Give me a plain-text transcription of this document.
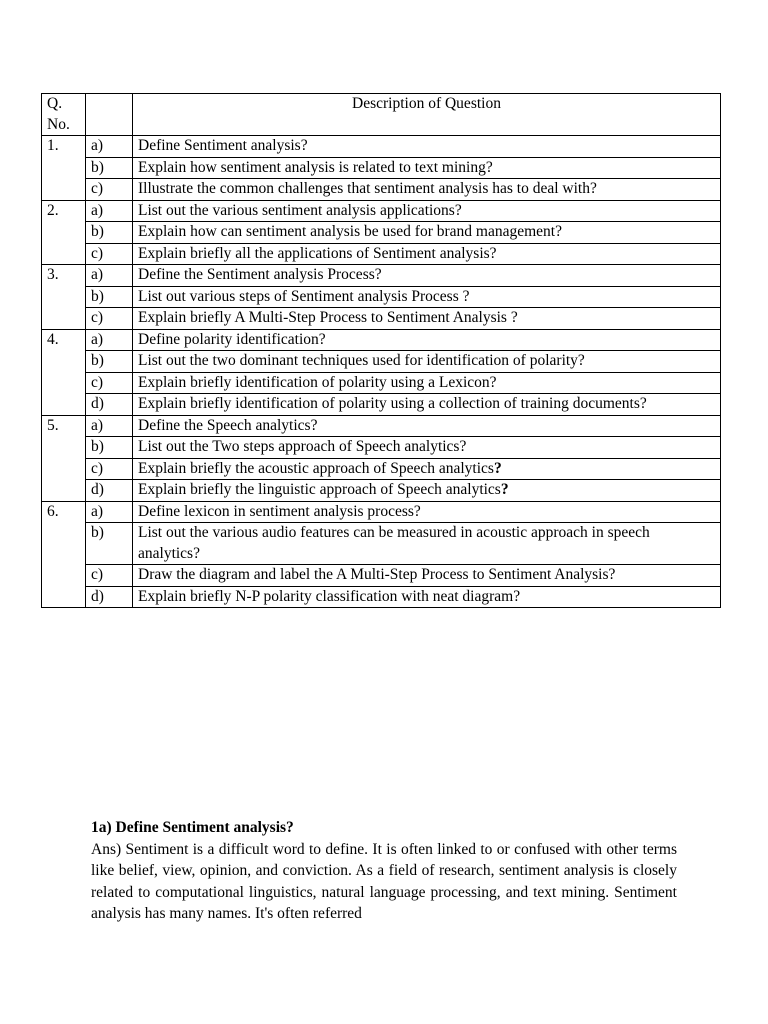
Q.
No.		Description of Question
1.	a)	Define Sentiment analysis?
	b)	Explain how sentiment analysis is related to text mining?
	c)	Illustrate the common challenges that sentiment analysis has to deal with?
2.	a)	List out the various sentiment analysis applications?
	b)	Explain how can sentiment analysis be used for brand management?
	c)	Explain briefly all the applications of Sentiment analysis?
3.	a)	Define the Sentiment analysis Process?
	b)	List out various steps of Sentiment analysis Process ?
	c)	Explain briefly A Multi-Step Process to Sentiment Analysis ?
4.	a)	Define polarity identification?
	b)	List out the two dominant techniques used for identification of polarity?
	c)	Explain briefly identification of polarity using a Lexicon?
	d)	Explain briefly identification of polarity using a collection of training documents?
5.	a)	Define the Speech analytics?
	b)	List out the Two steps approach of Speech analytics?
	c)	Explain briefly the acoustic approach of Speech analytics?
	d)	Explain briefly the linguistic approach of Speech analytics?
6.	a)	Define lexicon in sentiment analysis process?
	b)	List out the various audio features can be measured in acoustic approach in speech analytics?
	c)	Draw the diagram and label the A Multi-Step Process to Sentiment Analysis?
	d)	Explain briefly N-P polarity classification with neat diagram?
1a) Define Sentiment analysis?
Ans) Sentiment is a difficult word to define. It is often linked to or confused with other terms like belief, view, opinion, and conviction. As a field of research, sentiment analysis is closely related to computational linguistics, natural language processing, and text mining. Sentiment analysis has many names. It's often referred
